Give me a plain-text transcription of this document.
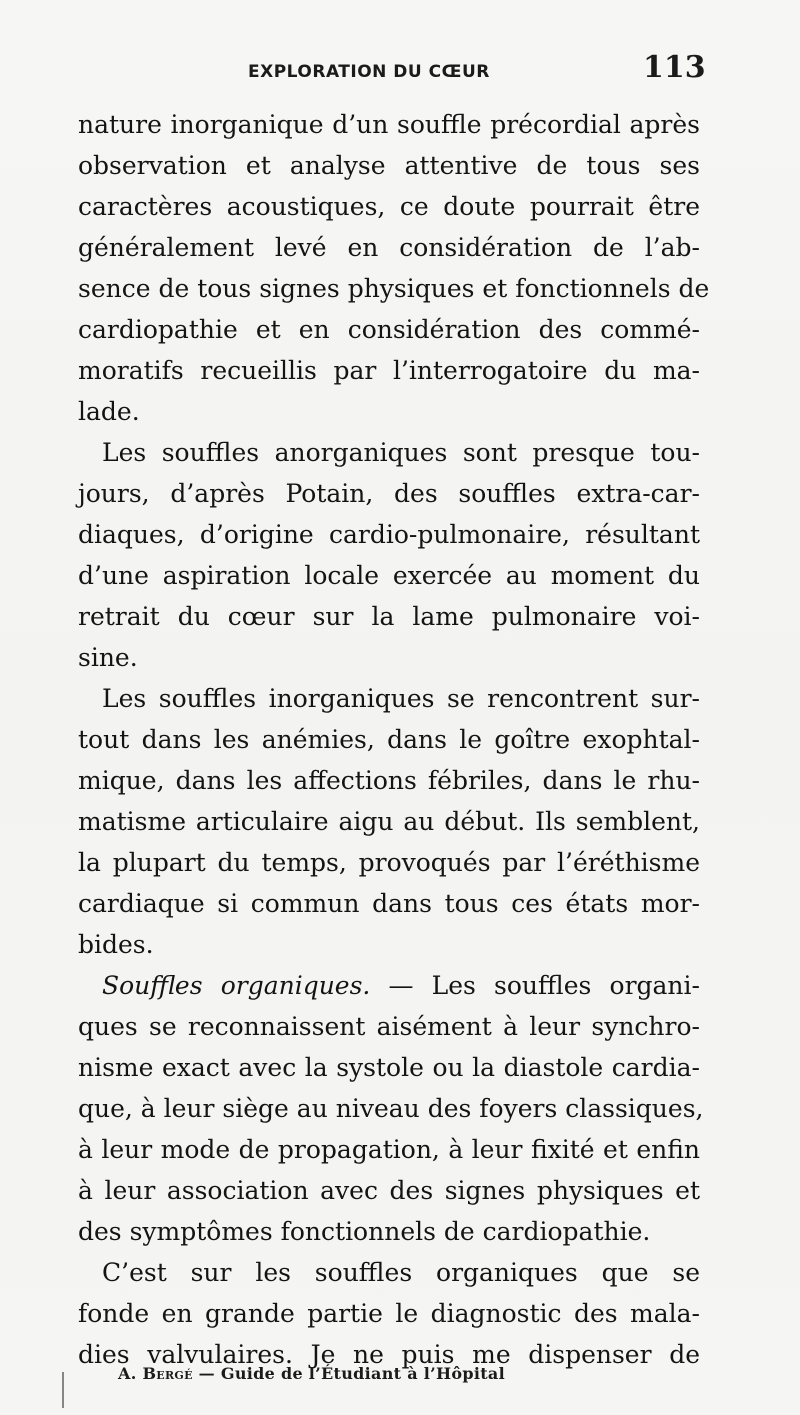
EXPLORATION DU CŒUR	113
nature inorganique d’un souffle précordial après
observation et analyse attentive de tous ses
caractères acoustiques, ce doute pourrait être
généralement levé en considération de l’ab-
sence de tous signes physiques et fonctionnels de
cardiopathie et en considération des commé-
moratifs recueillis par l’interrogatoire du ma-
lade.
Les souffles anorganiques sont presque tou-
jours, d’après Potain, des souffles extra-car-
diaques, d’origine cardio-pulmonaire, résultant
d’une aspiration locale exercée au moment du
retrait du cœur sur la lame pulmonaire voi-
sine.
Les souffles inorganiques se rencontrent sur-
tout dans les anémies, dans le goître exophtal-
mique, dans les affections fébriles, dans le rhu-
matisme articulaire aigu au début. Ils semblent,
la plupart du temps, provoqués par l’éréthisme
cardiaque si commun dans tous ces états mor-
bides.
Souffles organiques. — Les souffles organi-
ques se reconnaissent aisément à leur synchro-
nisme exact avec la systole ou la diastole cardia-
que, à leur siège au niveau des foyers classiques,
à leur mode de propagation, à leur fixité et enfin
à leur association avec des signes physiques et
des symptômes fonctionnels de cardiopathie.
C’est sur les souffles organiques que se
fonde en grande partie le diagnostic des mala-
dies valvulaires. Je ne puis me dispenser de
A. Bergé — Guide de l’Étudiant à l’Hôpital
